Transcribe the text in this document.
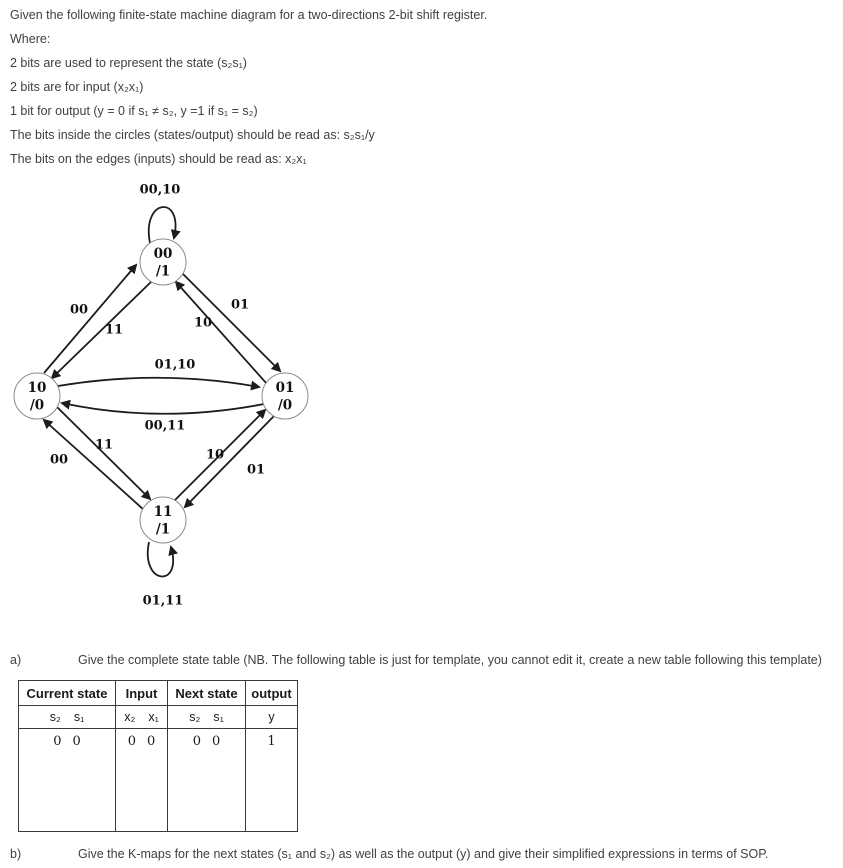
Given the following finite-state machine diagram for a two-directions 2-bit shift register.
Where:
2 bits are used to represent the state (s₂s₁)
2 bits are for input (x₂x₁)
1 bit for output (y = 0 if s₁ ≠ s₂, y =1 if s₁ = s₂)
The bits inside the circles (states/output) should be read as: s₂s₁/y
The bits on the edges (inputs) should be read as: x₂x₁
00,10
00
11	10
01
01,10
00,11
11
00	10
01
01,11
00
/1
10
/0
01
/0
11
/1
a)	Give the complete state table (NB. The following table is just for template, you cannot edit it, create a new table following this template)
Current state	Input	Next state	output

s₂ s₁	x₂ x₁	s₂ s₁	y

0 0	0 0	0 0	1
b)	Give the K-maps for the next states (s₁ and s₂) as well as the output (y) and give their simplified expressions in terms of SOP.
